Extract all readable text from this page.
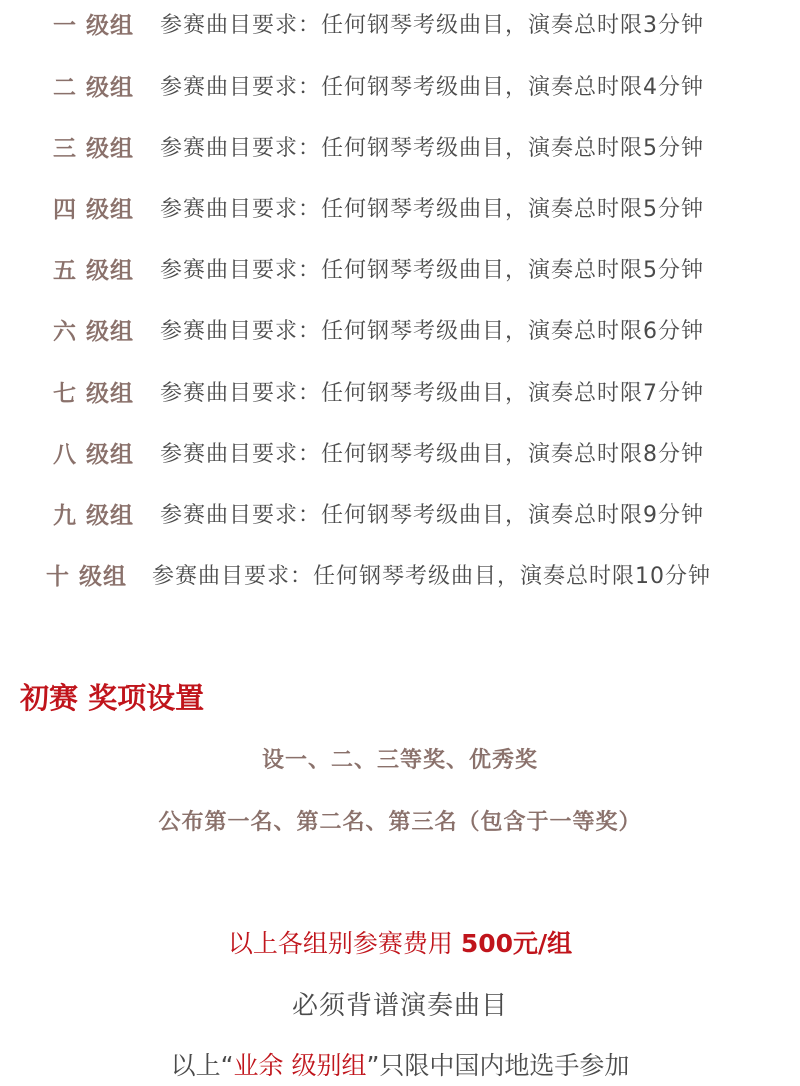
一 级组 参赛曲目要求：任何钢琴考级曲目，演奏总时限3分钟
二 级组 参赛曲目要求：任何钢琴考级曲目，演奏总时限4分钟
三 级组 参赛曲目要求：任何钢琴考级曲目，演奏总时限5分钟
四 级组 参赛曲目要求：任何钢琴考级曲目，演奏总时限5分钟
五 级组 参赛曲目要求：任何钢琴考级曲目，演奏总时限5分钟
六 级组 参赛曲目要求：任何钢琴考级曲目，演奏总时限6分钟
七 级组 参赛曲目要求：任何钢琴考级曲目，演奏总时限7分钟
八 级组 参赛曲目要求：任何钢琴考级曲目，演奏总时限8分钟
九 级组 参赛曲目要求：任何钢琴考级曲目，演奏总时限9分钟
十 级组 参赛曲目要求：任何钢琴考级曲目，演奏总时限10分钟
初赛 奖项设置
设一、二、三等奖、优秀奖
公布第一名、第二名、第三名（包含于一等奖）
以上各组别参赛费用 500元/组
必须背谱演奏曲目
以上“业余 级别组”只限中国内地选手参加
